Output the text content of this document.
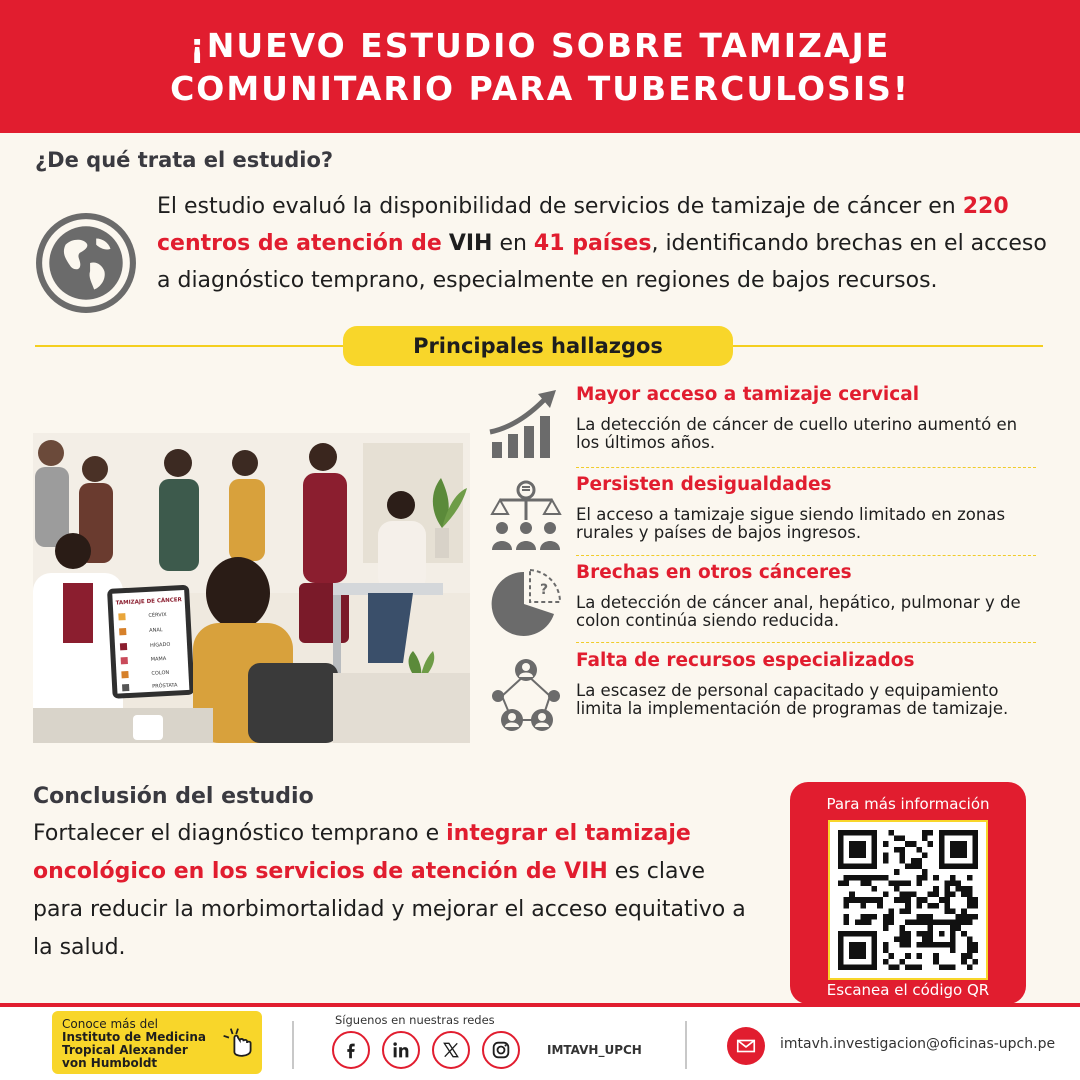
¡NUEVO ESTUDIO SOBRE TAMIZAJE
COMUNITARIO PARA TUBERCULOSIS!
¿De qué trata el estudio?
El estudio evaluó la disponibilidad de servicios de tamizaje de cáncer en 220 centros de atención de VIH en 41 países, identificando brechas en el acceso a diagnóstico temprano, especialmente en regiones de bajos recursos.
Principales hallazgos
TAMIZAJE DE CÁNCER
CÉRVIX
ANAL
HÍGADO
MAMA
COLON
PRÓSTATA
Mayor acceso a tamizaje cervical
La detección de cáncer de cuello uterino aumentó en los últimos años.
Persisten desigualdades
El acceso a tamizaje sigue siendo limitado en zonas rurales y países de bajos ingresos.
?
Brechas en otros cánceres
La detección de cáncer anal, hepático, pulmonar y de colon continúa siendo reducida.
Falta de recursos especializados
La escasez de personal capacitado y equipamiento limita la implementación de programas de tamizaje.
Conclusión del estudio
Fortalecer el diagnóstico temprano e integrar el tamizaje oncológico en los servicios de atención de VIH es clave para reducir la morbimortalidad y mejorar el acceso equitativo a la salud.
Para más información
Escanea el código QR
Conoce más del
Instituto de Medicina Tropical Alexander von Humboldt
Síguenos en nuestras redes
IMTAVH_UPCH	imtavh.investigacion@oficinas-upch.pe
